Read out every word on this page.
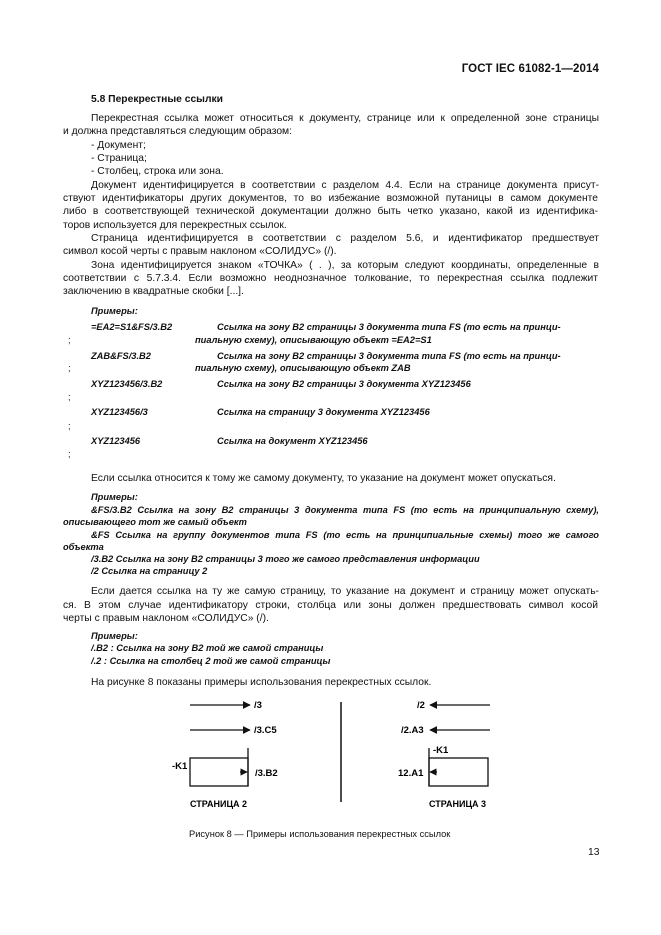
ГОСТ IEC 61082-1—2014
5.8 Перекрестные ссылки
Перекрестная ссылка может относиться к документу, странице или к определенной зоне страницы
и должна представляться следующим образом:
- Документ;
- Страница;
- Столбец, строка или зона.
Документ идентифицируется в соответствии с разделом 4.4. Если на странице документа присут-
ствуют идентификаторы других документов, то во избежание возможной путаницы в самом документе
либо в соответствующей технической документации должно быть четко указано, какой из идентифика-
торов используется для перекрестных ссылок.
Страница идентифицируется в соответствии с разделом 5.6, и идентификатор предшествует
символ косой черты с правым наклоном «СОЛИДУС» (/).
Зона идентифицируется знаком «ТОЧКА» ( . ), за которым следуют координаты, определенные в
соответствии с 5.7.3.4. Если возможно неоднозначное толкование, то перекрестная ссылка подлежит
заключению в квадратные скобки [...].
Примеры:
=EA2=S1&FS/3.B2	Ссылка на зону B2 страницы 3 документа типа FS (то есть на принци-
пиальную схему), описывающую объект =EA2=S1
;
ZAB&FS/3.B2	Ссылка на зону B2 страницы 3 документа типа FS (то есть на принци-
пиальную схему), описывающую объект ZAB
;
XYZ123456/3.B2	Ссылка на зону B2 страницы 3 документа XYZ123456
;
XYZ123456/3	Ссылка на страницу 3 документа XYZ123456
;
XYZ123456	Ссылка на документ XYZ123456
;
Если ссылка относится к тому же самому документу, то указание на документ может опускаться.
Примеры:
&FS/3.B2 Ссылка на зону B2 страницы 3 документа типа FS (то есть на принципиальную схему),
описывающего тот же самый объект
&FS Ссылка на группу документов типа FS (то есть на принципиальные схемы) того же самого
объекта
/3.B2 Ссылка на зону B2 страницы 3 того же самого представления информации
/2 Ссылка на страницу 2
Если дается ссылка на ту же самую страницу, то указание на документ и страницу может опускать-
ся. В этом случае идентификатору строки, столбца или зоны должен предшествовать символ косой
черты с правым наклоном «СОЛИДУС» (/).
Примеры:
/.B2 : Ссылка на зону B2 той же самой страницы
/.2 : Ссылка на столбец 2 той же самой страницы
На рисунке 8 показаны примеры использования перекрестных ссылок.
/3
/3.C5
-K1
/3.B2
СТРАНИЦА 2
/2
/2.A3
-K1
12.A1
СТРАНИЦА 3
Рисунок 8 — Примеры использования перекрестных ссылок
13
